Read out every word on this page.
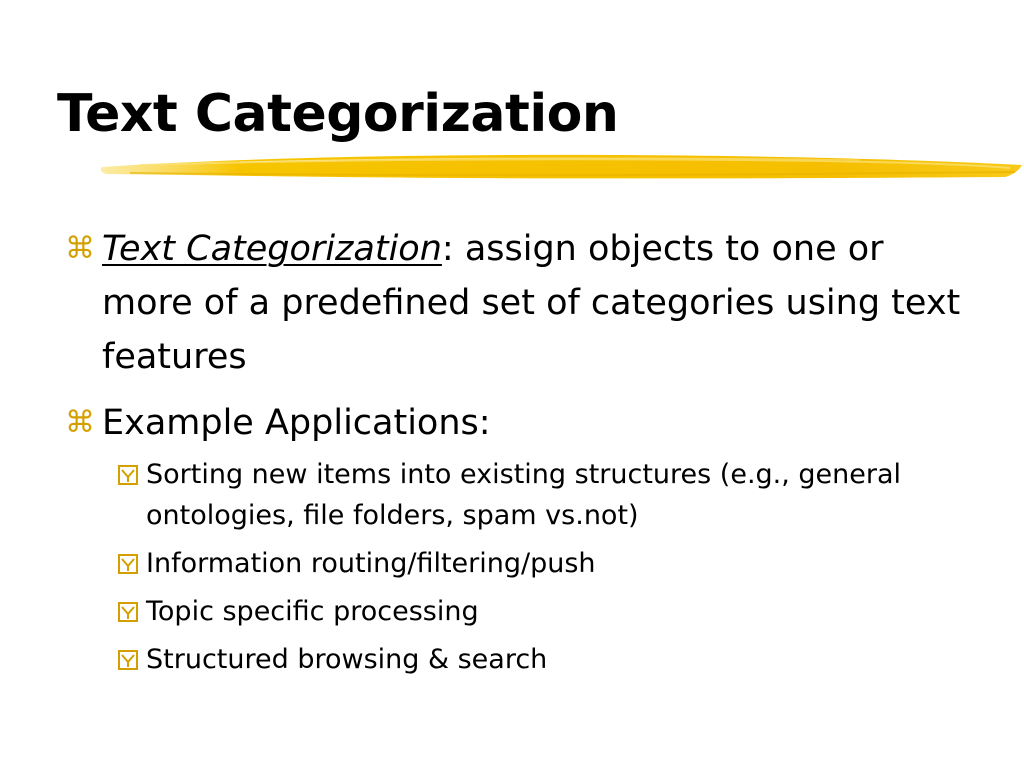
Text Categorization
⌘ Text Categorization: assign objects to one or more of a predefined set of categories using text features
⌘ Example Applications:
Sorting new items into existing structures (e.g., general ontologies, file folders, spam vs.not)
Information routing/filtering/push
Topic specific processing
Structured browsing & search
